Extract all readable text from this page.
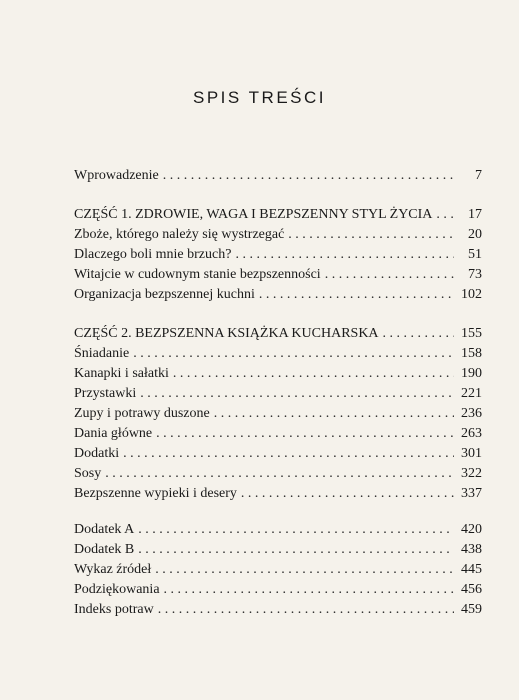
SPIS TREŚCI
Wprowadzenie . . .	7
CZĘŚĆ 1. ZDROWIE, WAGA I BEZPSZENNY STYL ŻYCIA . . .	17
Zboże, którego należy się wystrzegać . . .	20
Dlaczego boli mnie brzuch? . . .	51
Witajcie w cudownym stanie bezpszenności . . .	73
Organizacja bezpszennej kuchni . . .	102
CZĘŚĆ 2. BEZPSZENNA KSIĄŻKA KUCHARSKA . . .	155
Śniadanie . . .	158
Kanapki i sałatki . . .	190
Przystawki . . .	221
Zupy i potrawy duszone . . .	236
Dania główne . . .	263
Dodatki . . .	301
Sosy . . .	322
Bezpszenne wypieki i desery . . .	337
Dodatek A . . .	420
Dodatek B . . .	438
Wykaz źródeł . . .	445
Podziękowania . . .	456
Indeks potraw . . .	459
